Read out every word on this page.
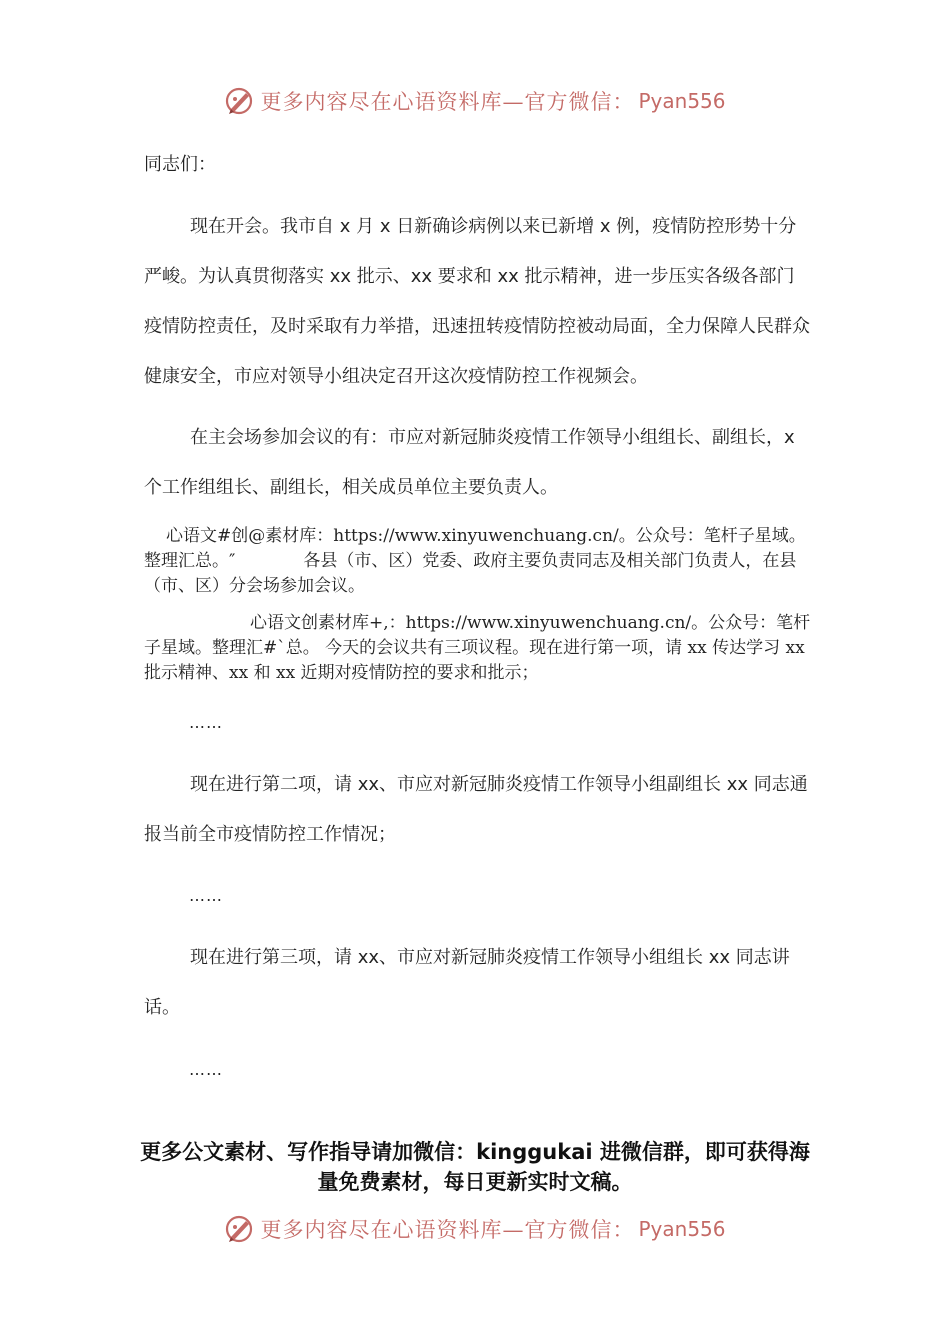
更多内容尽在心语资料库—官方微信： Pyan556
同志们：
现在开会。我市自 x 月 x 日新确诊病例以来已新增 x 例，疫情防控形势十分严峻。为认真贯彻落实 xx 批示、xx 要求和 xx 批示精神，进一步压实各级各部门疫情防控责任，及时采取有力举措，迅速扭转疫情防控被动局面，全力保障人民群众健康安全，市应对领导小组决定召开这次疫情防控工作视频会。
在主会场参加会议的有：市应对新冠肺炎疫情工作领导小组组长、副组长，x 个工作组组长、副组长，相关成员单位主要负责人。
心语文#创@素材库：https://www.xinyuwenchuang.cn/。公众号：笔杆子星域。整理汇总。″　　　　各县（市、区）党委、政府主要负责同志及相关部门负责人，在县（市、区）分会场参加会议。
心语文创素材库+,：https://www.xinyuwenchuang.cn/。公众号：笔杆子星域。整理汇#`总。 今天的会议共有三项议程。现在进行第一项，请 xx 传达学习 xx 批示精神、xx 和 xx 近期对疫情防控的要求和批示；
……
现在进行第二项，请 xx、市应对新冠肺炎疫情工作领导小组副组长 xx 同志通报当前全市疫情防控工作情况；
……
现在进行第三项，请 xx、市应对新冠肺炎疫情工作领导小组组长 xx 同志讲话。
……
更多公文素材、写作指导请加微信：kinggukai 进微信群，即可获得海量免费素材，每日更新实时文稿。
更多内容尽在心语资料库—官方微信： Pyan556
